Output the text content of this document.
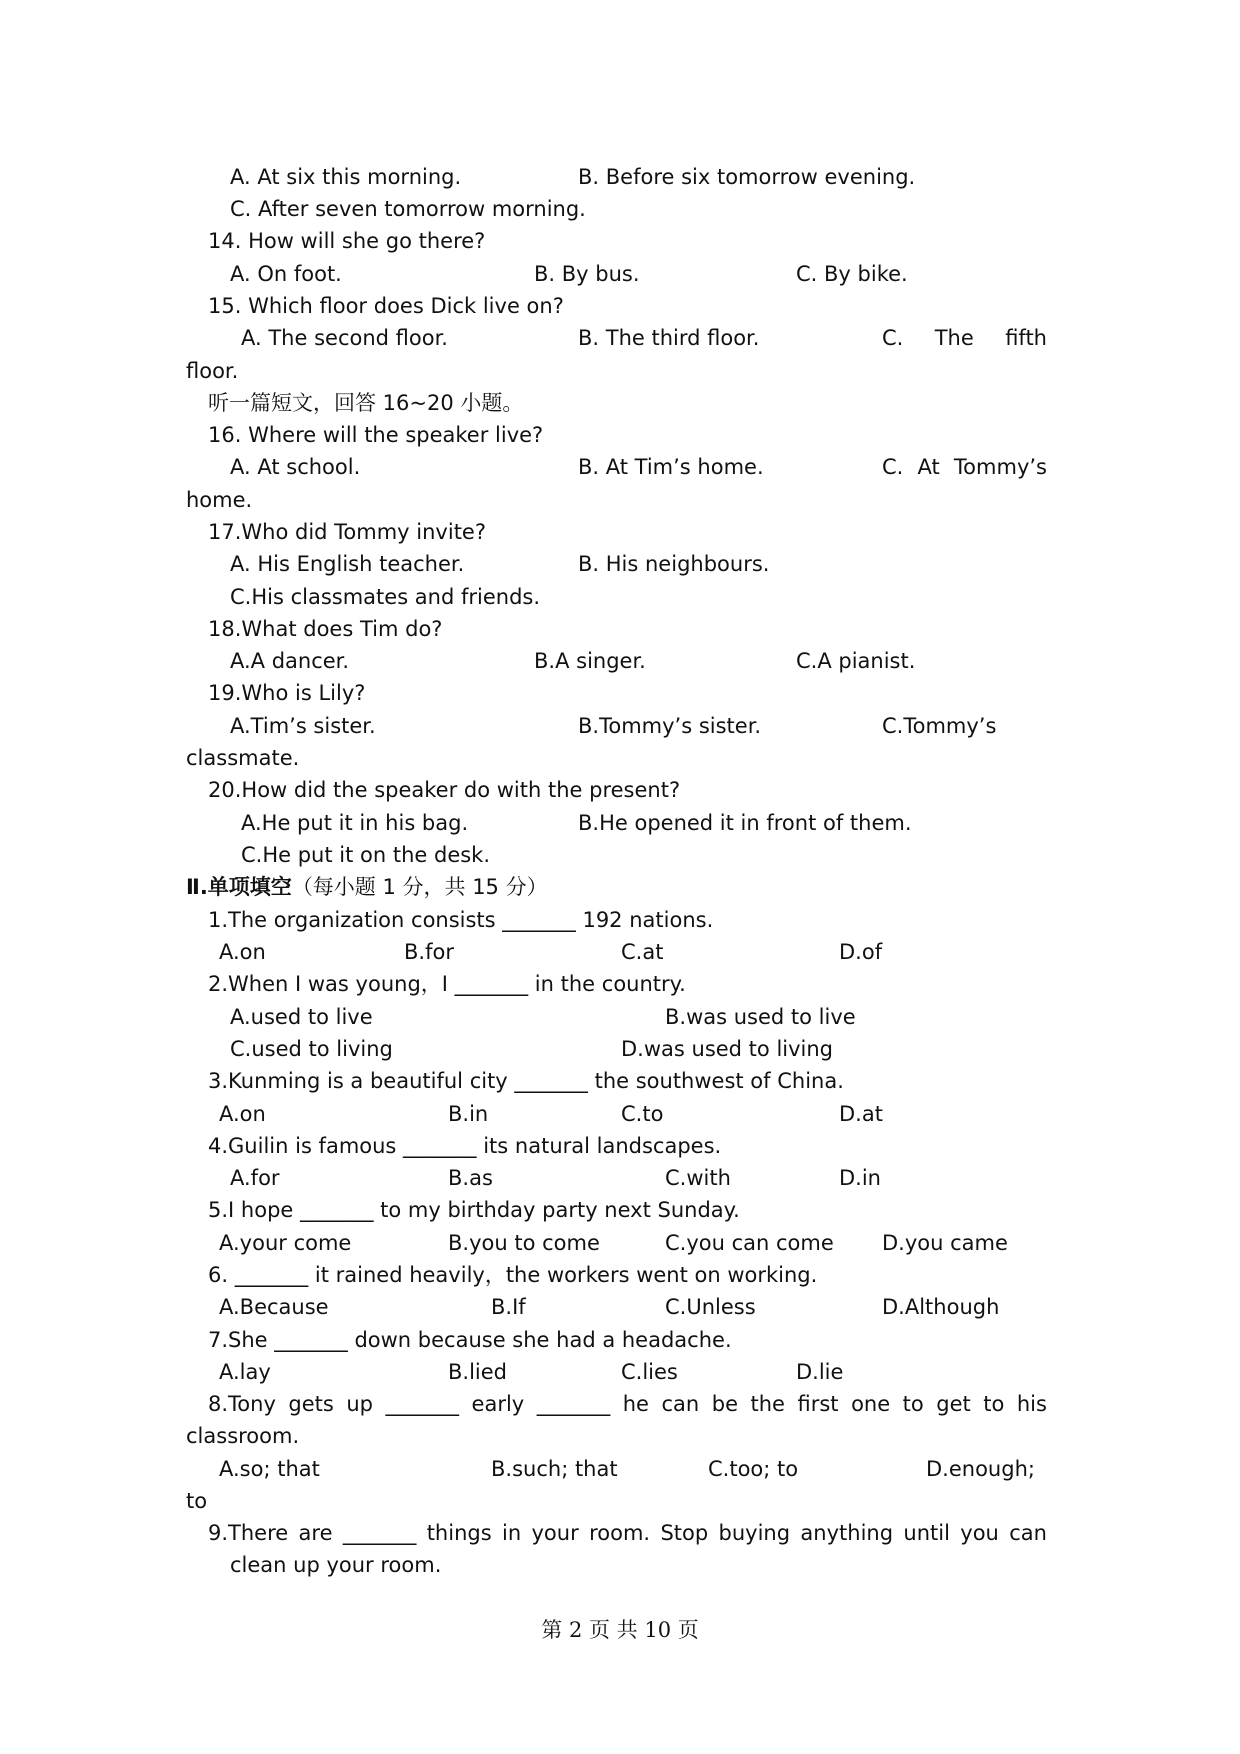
A. At six this morning.	B. Before six tomorrow evening.
C. After seven tomorrow morning.
14. How will she go there?
A. On foot.	B. By bus.	C. By bike.
15. Which floor does Dick live on?
A. The second floor.	B. The third floor.	C. The fifth
floor.
听一篇短文，回答 16~20 小题。
16. Where will the speaker live?
A. At school.	B. At Tim’s home.	C. At Tommy’s
home.
17.Who did Tommy invite?
A. His English teacher.	B. His neighbours.
C.His classmates and friends.
18.What does Tim do?
A.A dancer.	B.A singer.	C.A pianist.
19.Who is Lily?
A.Tim’s sister.	B.Tommy’s sister.	C.Tommy’s
classmate.
20.How did the speaker do with the present?
A.He put it in his bag.	B.He opened it in front of them.
C.He put it on the desk.
Ⅱ.单项填空（每小题 1 分，共 15 分）
1.The organization consists _______ 192 nations.
A.on	B.for	C.at	D.of
2.When I was young，I _______ in the country.
A.used to live	B.was used to live
C.used to living	D.was used to living
3.Kunming is a beautiful city _______ the southwest of China.
A.on	B.in	C.to	D.at
4.Guilin is famous _______ its natural landscapes.
A.for	B.as	C.with	D.in
5.I hope _______ to my birthday party next Sunday.
A.your come	B.you to come	C.you can come D.you came
6. _______ it rained heavily，the workers went on working.
A.Because	B.If	C.Unless	D.Although
7.She _______ down because she had a headache.
A.lay	B.lied	C.lies	D.lie
8.Tony gets up _______ early _______ he can be the first one to get to his
classroom.
A.so; that	B.such; that	C.too; to	D.enough;
to
9.There are _______ things in your room. Stop buying anything until you can
clean up your room.
第 2 页 共 10 页
